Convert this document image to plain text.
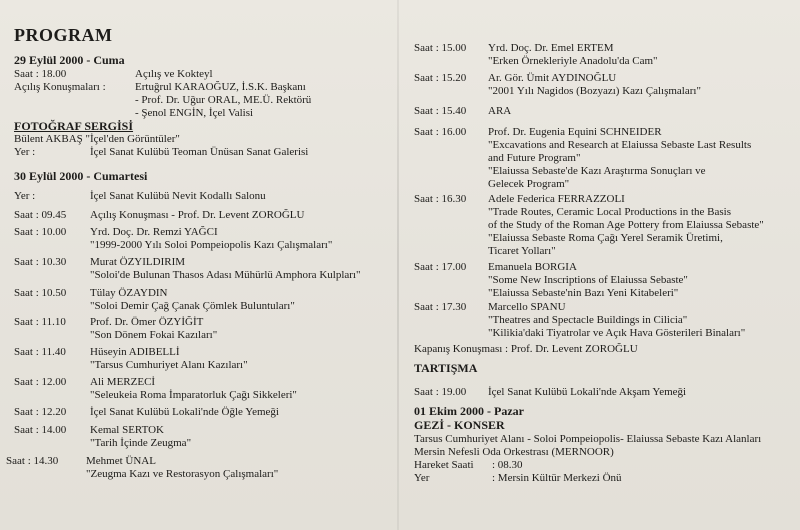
PROGRAM
29 Eylül 2000 - Cuma
Saat : 18.00	Açılış ve Kokteyl
Açılış Konuşmaları :	Ertuğrul KARAOĞUZ, İ.S.K. Başkanı
- Prof. Dr. Uğur ORAL, ME.Ü. Rektörü
- Şenol ENGİN, İçel Valisi
FOTOĞRAF SERGİSİ
Bülent AKBAŞ "İçel'den Görüntüler"
Yer :	İçel Sanat Kulübü Teoman Ünüsan Sanat Galerisi
30 Eylül 2000 - Cumartesi
Yer :	İçel Sanat Kulübü Nevit Kodallı Salonu
Saat : 09.45 Açılış Konuşması - Prof. Dr. Levent ZOROĞLU
Saat : 10.00 Yrd. Doç. Dr. Remzi YAĞCI
"1999-2000 Yılı Soloi Pompeiopolis Kazı Çalışmaları"
Saat : 10.30 Murat ÖZYILDIRIM
"Soloi'de Bulunan Thasos Adası Mühürlü Amphora Kulpları"
Saat : 10.50 Tülay ÖZAYDIN
"Soloi Demir Çağ Çanak Çömlek Buluntuları"
Saat : 11.10 Prof. Dr. Ömer ÖZYİĞİT
"Son Dönem Fokai Kazıları"
Saat : 11.40 Hüseyin ADIBELLİ
"Tarsus Cumhuriyet Alanı Kazıları"
Saat : 12.00 Ali MERZECİ
"Seleukeia Roma İmparatorluk Çağı Sikkeleri"
Saat : 12.20 İçel Sanat Kulübü Lokali'nde Öğle Yemeği
Saat : 14.00 Kemal SERTOK
"Tarih İçinde Zeugma"
Saat : 14.30	Mehmet ÜNAL
"Zeugma Kazı ve Restorasyon Çalışmaları"
Saat : 15.00 Yrd. Doç. Dr. Emel ERTEM
"Erken Örnekleriyle Anadolu'da Cam"
Saat : 15.20 Ar. Gör. Ümit AYDINOĞLU
"2001 Yılı Nagidos (Bozyazı) Kazı Çalışmaları"
Saat : 15.40 ARA
Saat : 16.00 Prof. Dr. Eugenia Equini SCHNEIDER
"Excavations and Research at Elaiussa Sebaste Last Results
and Future Program"
"Elaiussa Sebaste'de Kazı Araştırma Sonuçları ve
Gelecek Program"
Saat : 16.30 Adele Federica FERRAZZOLI
"Trade Routes, Ceramic Local Productions in the Basis
of the Study of the Roman Age Pottery from Elaiussa Sebaste"
"Elaiussa Sebaste Roma Çağı Yerel Seramik Üretimi,
Ticaret Yolları"
Saat : 17.00 Emanuela BORGIA
"Some New Inscriptions of Elaiussa Sebaste"
"Elaiussa Sebaste'nin Bazı Yeni Kitabeleri"
Saat : 17.30 Marcello SPANU
"Theatres and Spectacle Buildings in Cilicia"
"Kilikia'daki Tiyatrolar ve Açık Hava Gösterileri Binaları"
Kapanış Konuşması : Prof. Dr. Levent ZOROĞLU
TARTIŞMA
Saat : 19.00 İçel Sanat Kulübü Lokali'nde Akşam Yemeği
01 Ekim 2000 - Pazar
GEZİ - KONSER
Tarsus Cumhuriyet Alanı - Soloi Pompeiopolis- Elaiussa Sebaste Kazı Alanları
Mersin Nefesli Oda Orkestrası (MERNOOR)
Hareket Saati : 08.30
Yer	: Mersin Kültür Merkezi Önü
